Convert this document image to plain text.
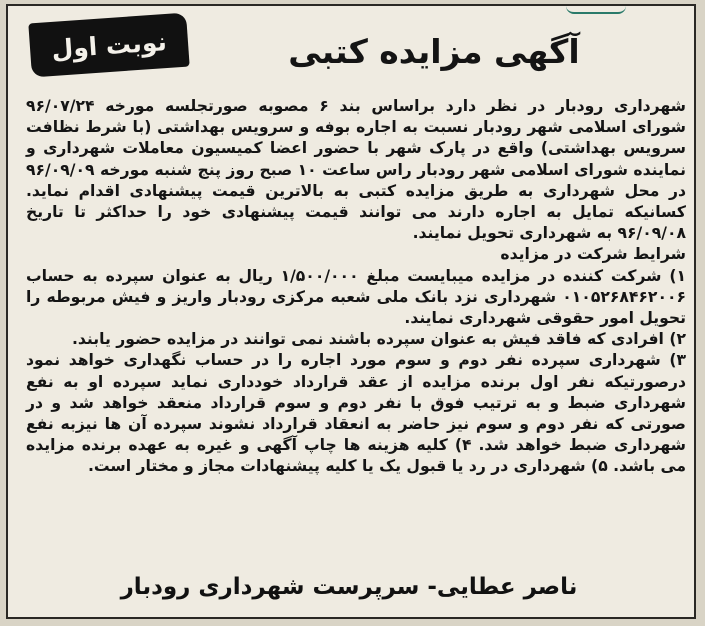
نوبت اول	آگهی مزایده کتبی

شهرداری رودبار در نظر دارد براساس بند ۶ مصوبه صورتجلسه مورخه ۹۶/۰۷/۲۴ شورای اسلامی شهر رودبار نسبت به اجاره بوفه و سرویس بهداشتی (با شرط نظافت سرویس بهداشتی) واقع در پارک شهر با حضور اعضا کمیسیون معاملات شهرداری و نماینده شورای اسلامی شهر رودبار راس ساعت ۱۰ صبح روز پنج شنبه مورخه ۹۶/۰۹/۰۹ در محل شهرداری به طریق مزایده کتبی به بالاترین قیمت پیشنهادی اقدام نماید. کسانیکه تمایل به اجاره دارند می توانند قیمت پیشنهادی خود را حداکثر تا تاریخ ۹۶/۰۹/۰۸ به شهرداری تحویل نمایند.

شرایط شرکت در مزایده

۱) شرکت کننده در مزایده میبایست مبلغ ۱/۵۰۰/۰۰۰ ریال به عنوان سپرده به حساب ۰۱۰۵۲۶۸۴۶۲۰۰۶ شهرداری نزد بانک ملی شعبه مرکزی رودبار واریز و فیش مربوطه را تحویل امور حقوقی شهرداری نمایند.

۲) افرادی که فاقد فیش به عنوان سپرده باشند نمی توانند در مزایده حضور یابند.

۳) شهرداری سپرده نفر دوم و سوم مورد اجاره را در حساب نگهداری خواهد نمود درصورتیکه نفر اول برنده مزایده از عقد قرارداد خودداری نماید سپرده او به نفع شهرداری ضبط و به ترتیب فوق با نفر دوم و سوم قرارداد منعقد خواهد شد و در صورتی که نفر دوم و سوم نیز حاضر به انعقاد قرارداد نشوند سپرده آن ها نیزبه نفع شهرداری ضبط خواهد شد. ۴) کلیه هزینه ها چاپ آگهی و غیره به عهده برنده مزایده می باشد. ۵) شهرداری در رد یا قبول یک یا کلیه پیشنهادات مجاز و مختار است.

ناصر عطایی- سرپرست شهرداری رودبار
